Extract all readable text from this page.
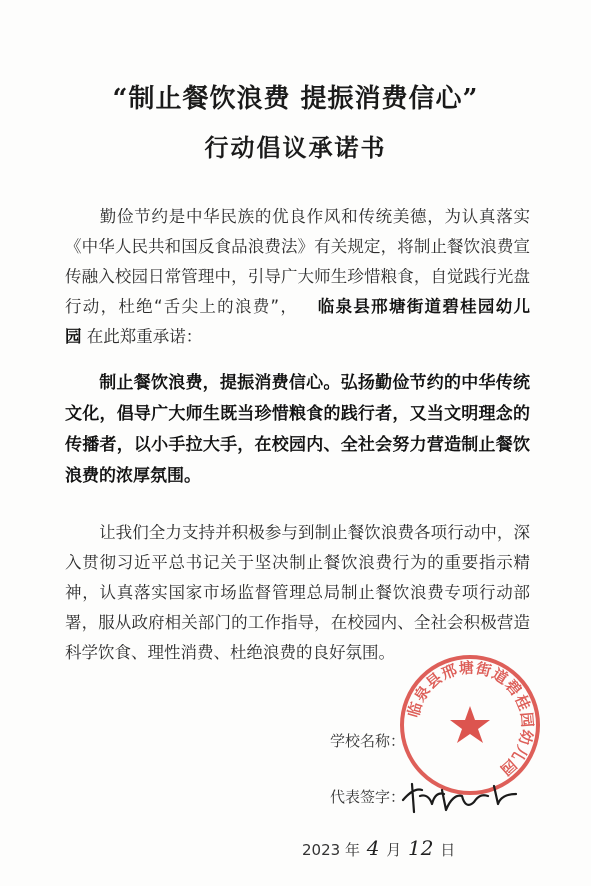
“制止餐饮浪费 提振消费信心”
行动倡议承诺书
勤俭节约是中华民族的优良作风和传统美德，为认真落实《中华人民共和国反食品浪费法》有关规定，将制止餐饮浪费宣传融入校园日常管理中，引导广大师生珍惜粮食，自觉践行光盘行动，杜绝“舌尖上的浪费”， 临泉县邢塘街道碧桂园幼儿园 在此郑重承诺：
制止餐饮浪费，提振消费信心。弘扬勤俭节约的中华传统文化，倡导广大师生既当珍惜粮食的践行者，又当文明理念的传播者，以小手拉大手，在校园内、全社会努力营造制止餐饮浪费的浓厚氛围。
让我们全力支持并积极参与到制止餐饮浪费各项行动中，深入贯彻习近平总书记关于坚决制止餐饮浪费行为的重要指示精神，认真落实国家市场监督管理总局制止餐饮浪费专项行动部署，服从政府相关部门的工作指导，在校园内、全社会积极营造科学饮食、理性消费、杜绝浪费的良好氛围。
学校名称：
代表签字：
临泉县邢塘街道碧桂园幼儿园
2023 年 4 月 12 日
